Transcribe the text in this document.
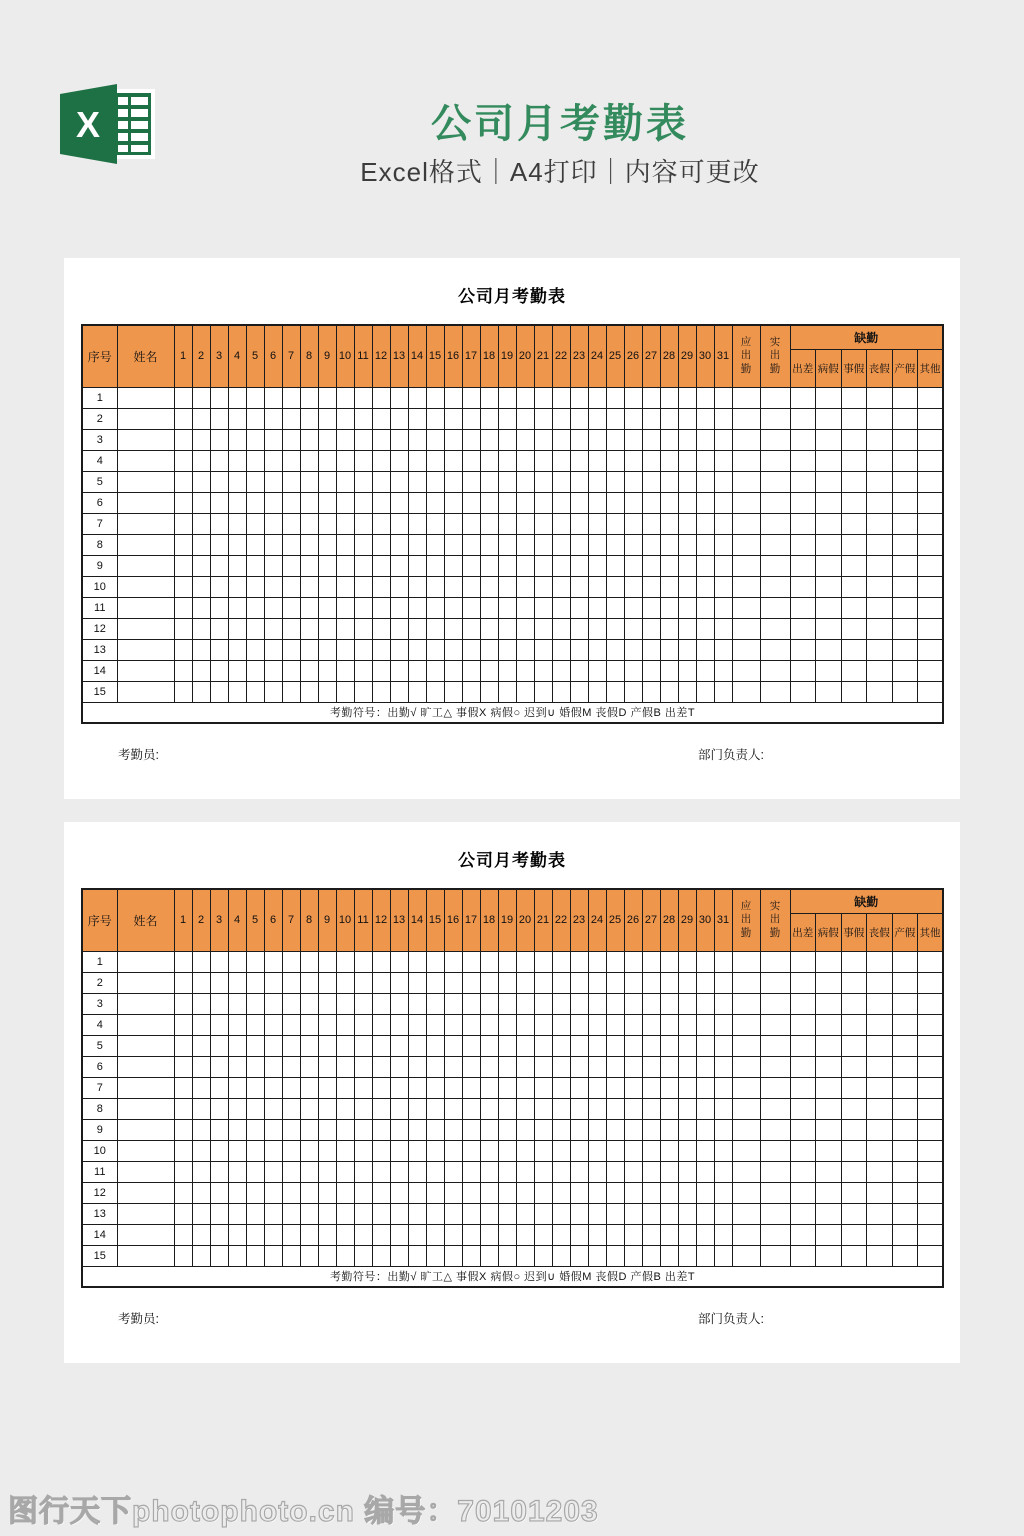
X	公司月考勤表

Excel格式｜A4打印｜内容可更改

公司月考勤表
序号	姓名	1	2	3	4	5	6	7	8	9	10	11	12	13	14	15	16	17	18	19	20	21	22	23	24	25	26	27	28	29	30	31	应
出
勤	实
出
勤	缺勤					
																																			出差	病假	事假	丧假	产假	其他
1																																								
2																																								
3																																								
4																																								
5																																								
6																																								
7																																								
8																																								
9																																								
10																																								
11																																								
12																																								
13																																								
14																																								
15																																								
考勤符号：出勤√ 旷工△ 事假X 病假○ 迟到∪ 婚假M 丧假D 产假B 出差T																																								
考勤员:	部门负责人:
公司月考勤表
序号	姓名	1	2	3	4	5	6	7	8	9	10	11	12	13	14	15	16	17	18	19	20	21	22	23	24	25	26	27	28	29	30	31	应
出
勤	实
出
勤	缺勤					
																																			出差	病假	事假	丧假	产假	其他
1																																								
2																																								
3																																								
4																																								
5																																								
6																																								
7																																								
8																																								
9																																								
10																																								
11																																								
12																																								
13																																								
14																																								
15																																								
考勤符号：出勤√ 旷工△ 事假X 病假○ 迟到∪ 婚假M 丧假D 产假B 出差T																																								
考勤员:	部门负责人:
图行天下photophoto.cn 编号：70101203
